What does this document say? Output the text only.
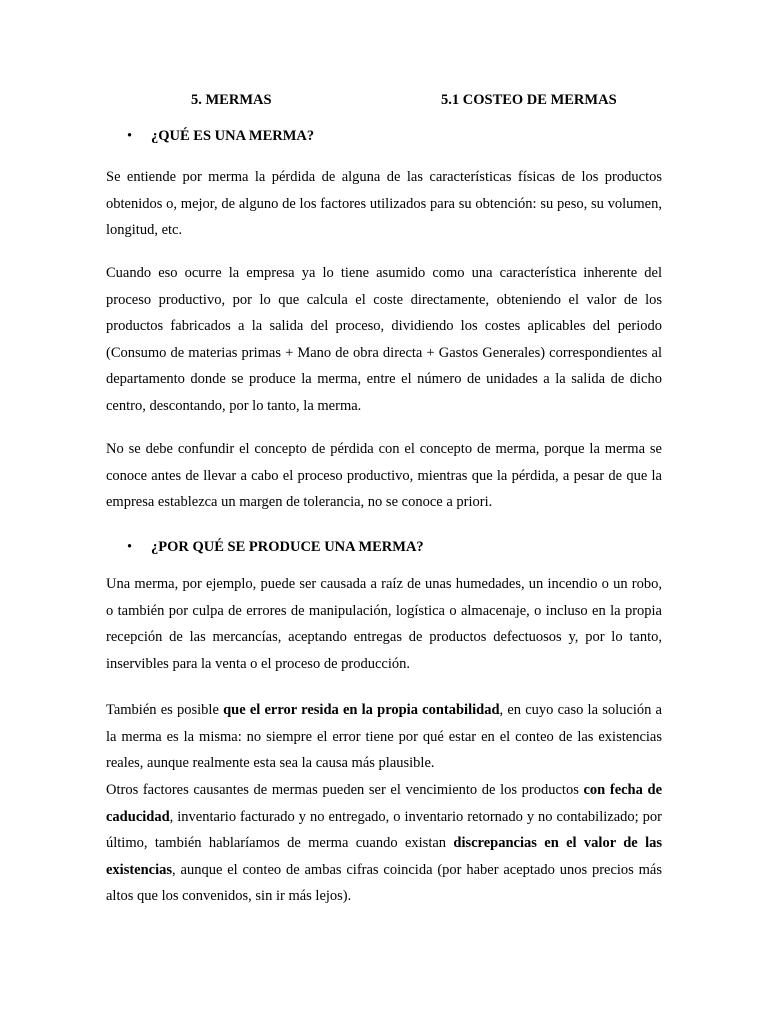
5. MERMAS	5.1 COSTEO DE MERMAS
• ¿QUÉ ES UNA MERMA?

Se entiende por merma la pérdida de alguna de las características físicas de los productos obtenidos o, mejor, de alguno de los factores utilizados para su obtención: su peso, su volumen, longitud, etc.

Cuando eso ocurre la empresa ya lo tiene asumido como una característica inherente del proceso productivo, por lo que calcula el coste directamente, obteniendo el valor de los productos fabricados a la salida del proceso, dividiendo los costes aplicables del periodo (Consumo de materias primas + Mano de obra directa + Gastos Generales) correspondientes al departamento donde se produce la merma, entre el número de unidades a la salida de dicho centro, descontando, por lo tanto, la merma.

No se debe confundir el concepto de pérdida con el concepto de merma, porque la merma se conoce antes de llevar a cabo el proceso productivo, mientras que la pérdida, a pesar de que la empresa establezca un margen de tolerancia, no se conoce a priori.

• ¿POR QUÉ SE PRODUCE UNA MERMA?

Una merma, por ejemplo, puede ser causada a raíz de unas humedades, un incendio o un robo, o también por culpa de errores de manipulación, logística o almacenaje, o incluso en la propia recepción de las mercancías, aceptando entregas de productos defectuosos y, por lo tanto, inservibles para la venta o el proceso de producción.

También es posible que el error resida en la propia contabilidad, en cuyo caso la solución a la merma es la misma: no siempre el error tiene por qué estar en el conteo de las existencias reales, aunque realmente esta sea la causa más plausible.

Otros factores causantes de mermas pueden ser el vencimiento de los productos con fecha de caducidad, inventario facturado y no entregado, o inventario retornado y no contabilizado; por último, también hablaríamos de merma cuando existan discrepancias en el valor de las existencias, aunque el conteo de ambas cifras coincida (por haber aceptado unos precios más altos que los convenidos, sin ir más lejos).
